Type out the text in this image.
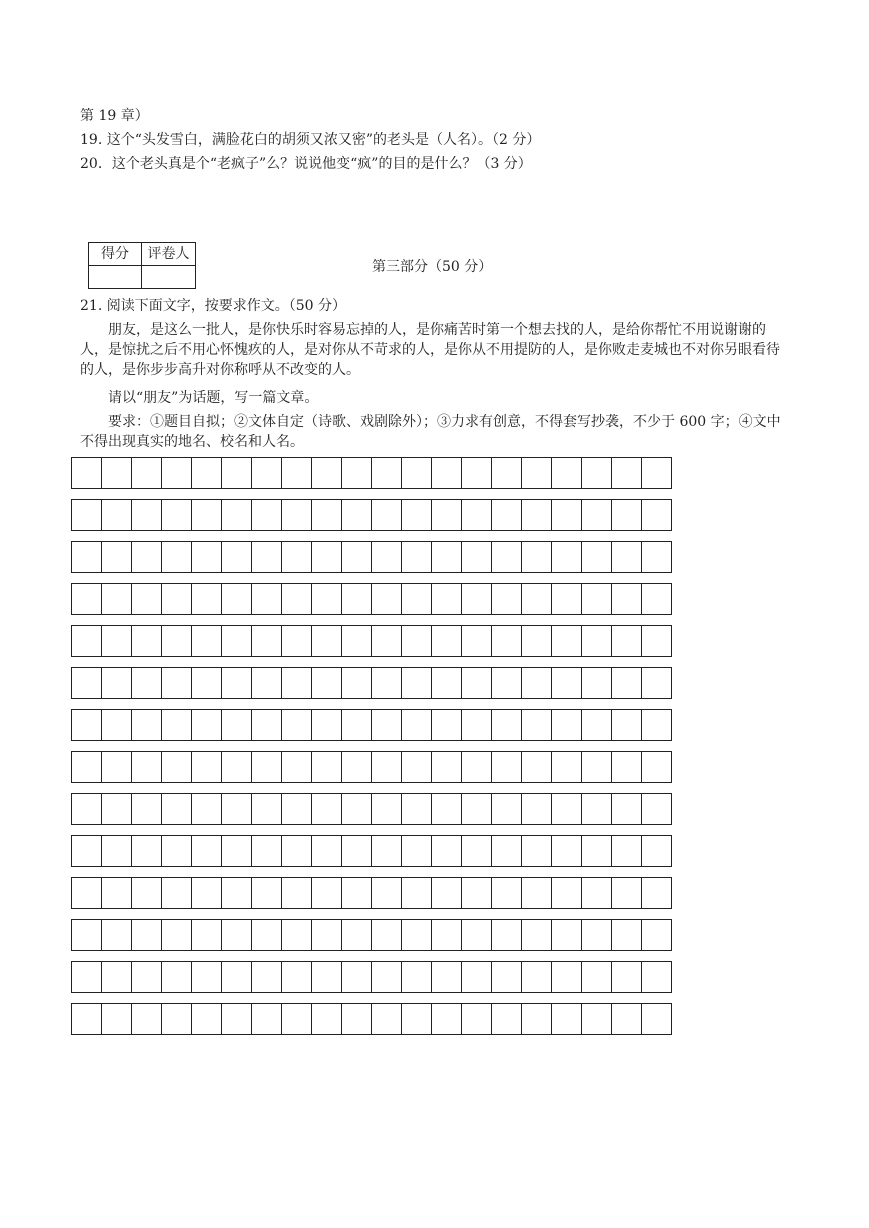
第 19 章）
19. 这个“头发雪白，满脸花白的胡须又浓又密”的老头是（人名）。（2 分）
20．这个老头真是个“老疯子”么？说说他变“疯”的目的是什么？（3 分）
得分	评卷人

第三部分（50 分）
21. 阅读下面文字，按要求作文。（50 分）
朋友，是这么一批人，是你快乐时容易忘掉的人，是你痛苦时第一个想去找的人，是给你帮忙不用说谢谢的人，是惊扰之后不用心怀愧疚的人，是对你从不苛求的人，是你从不用提防的人，是你败走麦城也不对你另眼看待的人，是你步步高升对你称呼从不改变的人。
请以“朋友”为话题，写一篇文章。
要求：①题目自拟；②文体自定（诗歌、戏剧除外）；③力求有创意，不得套写抄袭，不少于 600 字；④文中不得出现真实的地名、校名和人名。
